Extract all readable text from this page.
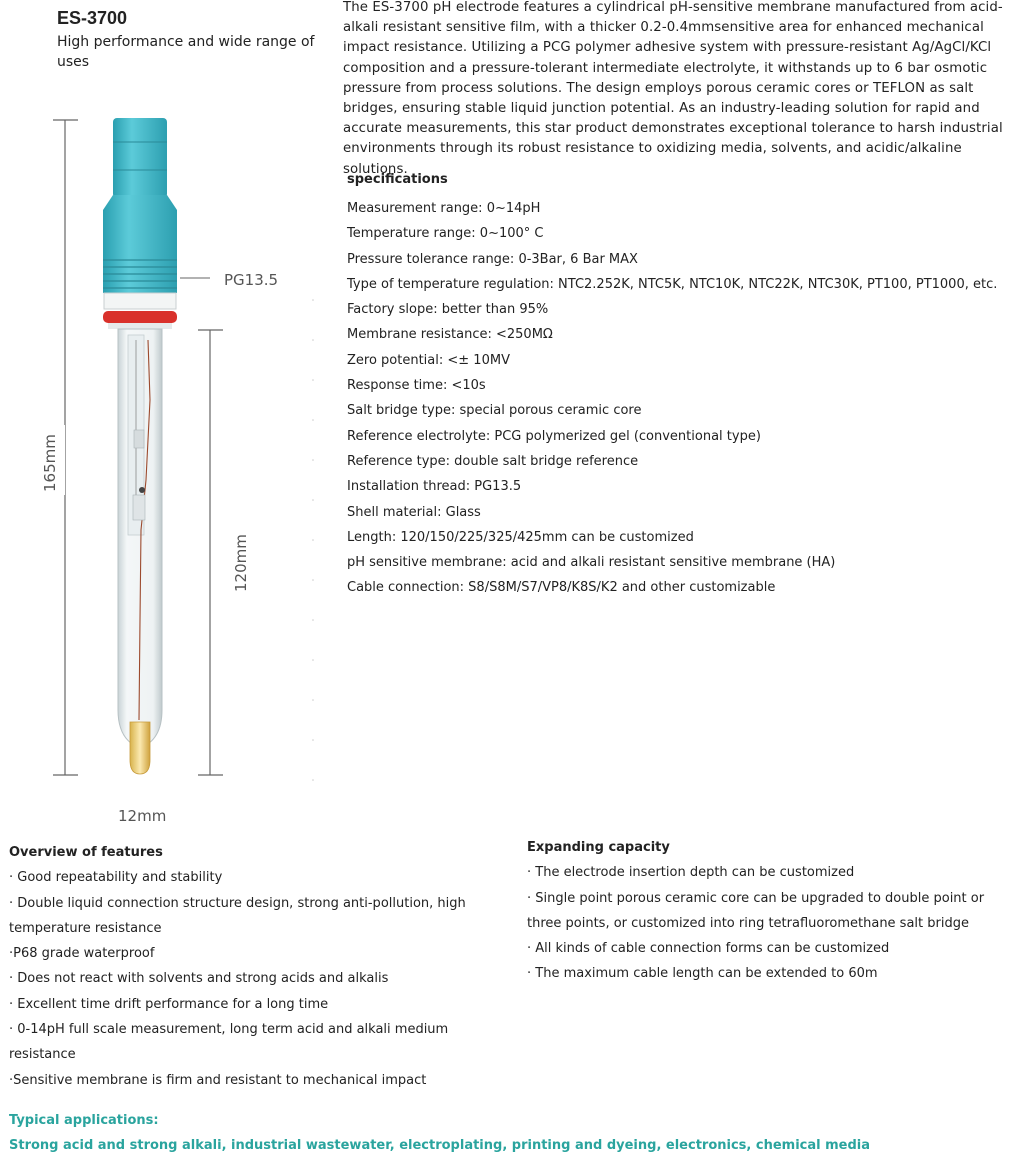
ES-3700
High performance and wide range of uses
The ES-3700 pH electrode features a cylindrical pH-sensitive membrane manufactured from acid-alkali resistant sensitive film, with a thicker 0.2-0.4mmsensitive area for enhanced mechanical impact resistance. Utilizing a PCG polymer adhesive system with pressure-resistant Ag/AgCl/KCl composition and a pressure-tolerant intermediate electrolyte, it withstands up to 6 bar osmotic pressure from process solutions. The design employs porous ceramic cores or TEFLON as salt bridges, ensuring stable liquid junction potential. As an industry-leading solution for rapid and accurate measurements, this star product demonstrates exceptional tolerance to harsh industrial environments through its robust resistance to oxidizing media, solvents, and acidic/alkaline solutions.
specifications
Measurement range: 0~14pH
Temperature range: 0~100° C
Pressure tolerance range: 0-3Bar, 6 Bar MAX
Type of temperature regulation: NTC2.252K, NTC5K, NTC10K, NTC22K, NTC30K, PT100, PT1000, etc.
Factory slope: better than 95%
Membrane resistance: <250MΩ
Zero potential: <± 10MV
Response time: <10s
Salt bridge type: special porous ceramic core
Reference electrolyte: PCG polymerized gel (conventional type)
Reference type: double salt bridge reference
Installation thread: PG13.5
Shell material: Glass
Length: 120/150/225/325/425mm can be customized
pH sensitive membrane: acid and alkali resistant sensitive membrane (HA)
Cable connection: S8/S8M/S7/VP8/K8S/K2 and other customizable
165mm
120mm
PG13.5
12mm
Overview of features
· Good repeatability and stability
· Double liquid connection structure design, strong anti-pollution, high temperature resistance
·P68 grade waterproof
· Does not react with solvents and strong acids and alkalis
· Excellent time drift performance for a long time
· 0-14pH full scale measurement, long term acid and alkali medium resistance
·Sensitive membrane is firm and resistant to mechanical impact
Expanding capacity
· The electrode insertion depth can be customized
· Single point porous ceramic core can be upgraded to double point or three points, or customized into ring tetrafluoromethane salt bridge
· All kinds of cable connection forms can be customized
· The maximum cable length can be extended to 60m
Typical applications:
Strong acid and strong alkali, industrial wastewater, electroplating, printing and dyeing, electronics, chemical media
